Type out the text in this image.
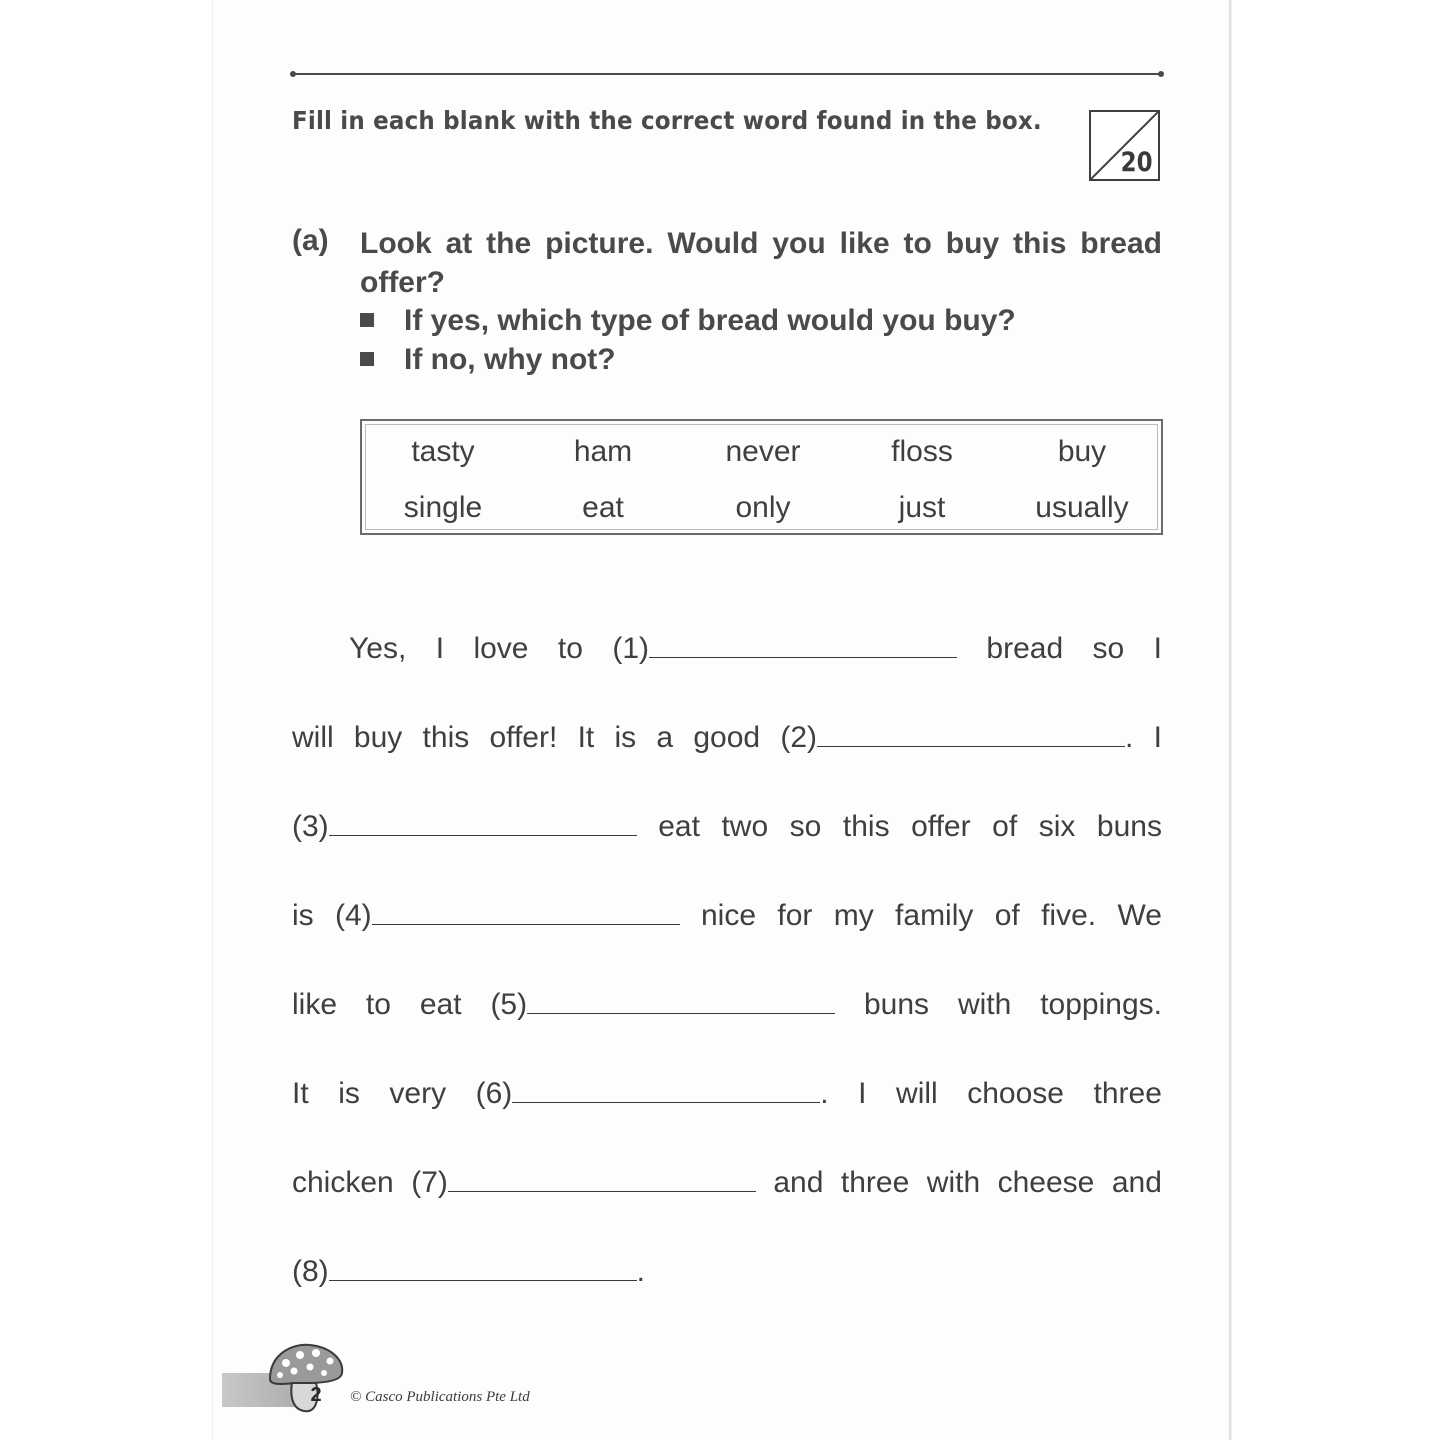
Fill in each blank with the correct word found in the box.
20
(a) Look at the picture. Would you like to buy this bread offer?
If yes, which type of bread would you buy?
If no, why not?
tasty	ham	never	floss	buy
single	eat	only	just	usually
Yes, I love to (1)	bread so I
will buy this offer! It is a good (2)	. I
(3)	eat two so this offer of six buns
is (4)	nice for my family of five. We
like to eat (5)	buns with toppings.
It is very (6)	. I will choose three
chicken (7)	and three with cheese and
(8)	.
2	© Casco Publications Pte Ltd
